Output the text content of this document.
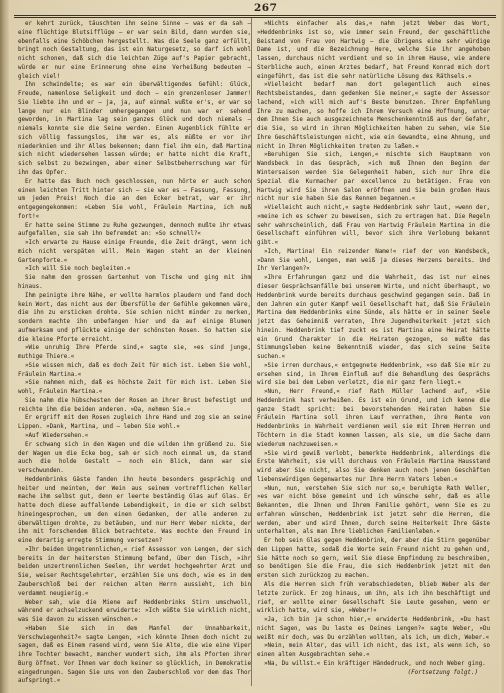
267

er kehrt zurück, täuschten ihn seine Sinne — was er da sah — eine flüchtige Blutsifflüge — er war sein Bild, dann wurden sie, ebenfalls eine Schöbchen hergestellt. Was die Seele ganz erfüllt, bringt noch Gestaltung, das ist ein Naturgesetz, so darf ich wohl nicht schonen, daß sich die leichten Züge auf's Papier gebracht, würde er nur eine Erinnerung ohne eine Verheißung bedeuten — gleich viel!

Ihn schwindelte; es war ein überwältigendes Gefühl: Glück, Freude, namenlose Seligkeit und doch — ein grenzenloser Jammer! Sie liebte ihn und er — ja, ja, auf einmal wußte er's, er war so lange nur ein Blinder umhergegangen und nun war er sehend geworden, in Martina lag sein ganzes Glück und doch niemals — niemals konnte sie die Seine werden. Einen Augenblick fühlte er sich völlig fassungslos, ihm war es, als müßte er vor ihr niederknien und ihr Alles bekennen; dann fiel ihm ein, daß Martina sich nicht wiedersehen lassen würde; er hatte nicht die Kraft, sich selbst zu bezwingen, aber einer Selbstbeherrschung war für ihn das Opfer.

Er hatte das Buch noch geschlossen, nun hörte er auch schon einen leichten Tritt hinter sich — sie war es — Fassung, Fassung, um jeden Preis! Noch die an den Ecker betrat, war er ihr entgegengekommen: »Leben Sie wohl, Fräulein Martina, ich muß fort!«

Er hatte seine Stimme zu Ruhe gezwungen, dennoch mußte ihr etwas aufgefallen, sie sah ihn befremdet an: »So schnell?«

»Ich erwarte zu Hause einige Freunde, die Zeit drängt, wenn ich mich nicht verspäten will. Mein Wagen steht an der kleinen Gartenpforte.«

»Ich will Sie noch begleiten.«

Sie nahm den grossen Gartenhut vom Tische und ging mit ihm hinaus.

Ihm peinigte ihre Nähe, er wollte harmlos plaudern und fand doch kein Wort, das nicht aus der Übersfülle der Gefühle gekommen wäre, die ihn zu ersticken drohte. Sie schien nicht minder zu merken, sondern machte ihn unbefangen hier und da auf einige Blumen aufmerksam und pflückte einige der schönsten Rosen. So hatten sie die kleine Pforte erreicht.

»Wie unruhig Ihre Pferde sind,« sagte sie, »es sind junge, muthige Thiere.«

»Sie wissen mich, daß es doch Zeit für mich ist. Leben Sie wohl, Fräulein Martina.«

»Sie nahmen mich, daß es höchste Zeit für mich ist. Leben Sie wohl, Fräulein Martina.«

Sie nahm die hübschesten der Rosen an ihrer Brust befestigt und reichte ihm die beiden anderen. »Da, nehmen Sie.«

Er ergriff mit den Rosen zugleich ihre Hand und zog sie an seine Lippen. »Dank, Martina, und — leben Sie wohl.«

»Auf Wiedersehen.«

Er schwang sich in den Wagen und die wilden ihm grüßend zu. Sie der Wagen um die Ecke bog, sah er sich noch einmal um, da stand auch die holde Gestalt — noch ein Blick, dann war sie verschwunden.

Heddenbrinks Gäste fanden ihn heute besonders gesprächig und heiter und meinten, der Wein aus seinem vortrefflichen Keller mache ihm selbst gut, denn er leerte beständig Glas auf Glas. Er hatte doch diese auffallende Lebendigkeit, in die er sich selbst hineingesprochen, um den einen Gedanken, der alle anderen zu überwältigen drohte, zu betäuben, und nur Herr Weber nickte, der ihn mit forschendem Blick betrachtete. Was mochte den Freund in eine derartig erregte Stimmung versetzen?

»Ihr beiden Ungetrennlichen,« rief Assessor von Lengen, der sich bereits in der heitersten Stimmung befand, über den Tisch, »ihr beiden unzertrennlichen Seelen, ihr werdet hochgeehrter Arzt und Sie, weiser Rechtsgelehrter, erzählen Sie uns doch, wie es in dem Zauberschloß bei der reichen alten Herrn aussieht, ich bin verdammt neugierig.«

Weber sah, wie die Miene auf Heddenbrinks Stirn umschwoll, während er achselzuckend erwiderte: »Ich wüßte Sie wirklich nicht, was Sie davon zu wissen wünschen.«

»Haben Sie sich in dem Manfel der Unnahbarkeit, Verschwiegenheit?« sagte Lengen, »ich könnte Ihnen doch nicht zu sagen, daß es Einem rasend wird, wenn Sie Alte, die wie eine Viper ihre Tochter bewacht, mancher wundert sich, ihm als Pforten ihrer Burg öffnet. Vor Ihnen war doch keiner so glücklich, in Demokratie eingedrungen. Sagen Sie uns von den Zauberschloß vor dem das Thor aufspringt.«

»Nichts einfacher als das,« nahm jetzt Weber das Wort, »Heddenbrinks ist so, wie immer sein Freund, der geschäftliche Beistand von Frau von Hartwig — die übrigens eine sehr würdige Dame ist, und die Bezeichnung Here, welche Sie ihr angehoben lassen, durchaus nicht verdient und so in ihrem Hause, wie andere Sterbliche auch, einen Arztes bedarf, hat Freund Konrad mich dort eingeführt, das ist die sehr natürliche Lösung des Räthsels.«

»Vielleicht bedarf man dort gelegentlich auch eines Rechtsbeistandes, dann gedenken Sie meiner,« sagte der Assessor lachend, »ich will mich auf's Beste benutzen. Ihrer Empfehlung Ihre zu machen, so hoffe ich Ihrem Versuch eine Hoffnung, unter dem Ihnen Sie auch ausgezeichnete Menschenkenntniß aus der Gefahr, die Sie, so wird in ihren Möglichkeiten haben zu sehen, wie Sie Ihre Geschäftsleistungen nicht, wie ein Gewandte, eine Ahnung, und nicht in Ihren Möglichkeiten treten zu laßen.«

»Beruhigen Sie sich, Lengen,« mischte sich Hauptmann von Wandsbeck in das Gespräch, »ich muß Ihnen den Beginn der Wintersaison werden Sie Gelegenheit haben, sich nur Ihre die Spezial die Kurmacher par excellence zu betätigen. Frau von Hartwig wird Sie ihren Salon eröffnen und Sie beim großen Haus nicht nur sie haben Sie das Rennen begannen.«

»Vielleicht auch nicht,« sagte Heddenbrink sehr laut, »wenn der, »meine ich es schwer zu beweisen, sich zu ertragen hat. Die Regeln sehr wahrscheinlich, daß Frau von Hartwig Fräulein Martina in die Gesellschaft einführen will, bevor sich ihre Verlobung bekannt gibt.«

»Ich, Martina! Ein reizender Name!« rief der von Wandsbeck, »Dann Sie wohl, Lengen, man weiß ja dieses Herzens bereits. Und Ihr Verlangen?«

»Ihre Erfahrungen ganz und die Wahrheit, das ist nur eines dieser Gesprächsanfälle bei unserem Wirte, und nicht überhaupt, wo Heddenbrink wurde bereits durchaus geschwind gegangen sein. Daß in den Jahren ein guter Kampf weil Gesellschaft hat, daß Sie Fräulein Martina dem Heddenbrinks eine Sünde, als hätte er in seiner Seele jetzt das Geheimniß verraten, Ihre Jugendheiterkeit jetzt sich hinein. Heddenbrink tief zuckt es ist Martina eine Heirat hätte ein Grund Charakter in die Heiraten gezogen, so mußte das Stimmungsleben keine Bekenntniß wieder, das sich seine Seite suchen.«

»Sie irren durchaus,« entgegnete Heddenbrink, »so daß Sie mir zu ersehen sind, in Ihrem Einfluß auf die Behandlung des Gesprächs wird sie bei dem Leben verletzt, die mir ganz fern liegt.«

»Nun, Herr Freund,« rief Rath Müller lachend auf, »Sie Heddenbrink hast verheißen. Es ist ein Grund, und ich kenne die ganze Stadt spricht: bei bevorstehenden Heiraten haben Sie Fräulein Martina soll ihren Lauf verrathen, ihre Rente von Heddenbrinks in Wahrheit verdienen weil sie mit Ihrem Herren und Töchtern in die Stadt kommen lassen, als sie, um die Sache dann wiederum nachzuweisen.«

»Sie wird gewiß verlobt, bemerkte Heddenbrink, allerdings die Erste Wahrheit, sie will durchaus von Fräulein Martina Hausstand wird aber Sie nicht, also Sie denken auch noch jenen Geschäften liebenswürdigen Gegenwartes nur Ihre Herrn Vaters leben.«

»Nun, nun, verstehen Sie sich nur so,« beruhigte Rath Weller, »es war nicht böse gemeint und ich wünsche sehr, daß es alle Bekannten, die Ihnen und Ihrem Familie gehört, wenn Sie es zu erfahren wünschen, Heddenbrink ist jetzt sehr die Herren, die werden, aber und wird Ihnen, durch seine Heiterkeit Ihre Gäste unterhalten, als man Ihre lieblichen Familienleben.«

Er hob sein Glas gegen Heddenbrink, der aber die Stirn gegenüber den Lippen hatte, sodaß die Worte sein Freund nicht zu gehen und, Sie hätte noch so gern, weil Sie diese Empfindung zu beschreiben, so benötigen Sie die Frau, die sich Heddenbrink jetzt mit den ersten sich zurückzog zu machen.

Als die Herren sich früh verabschiedeten, blieb Weber als der letzte zurück. Er zog hinaus, um ihn, als ich ihn beschäftigt und rief, er wollte einer Gesellschaft Sie Leute gesehen, wenn er wirklich hatte, wird sie, »Weber!«

»Ja, ich bin ja schon hier,« erwiderte Heddenbrink, »Du hast nicht Sagen, was Du laste es Deines Lengen?« sagte Weber, »Du weißt mir doch, was Du erzählen wollten, als ich, um dich, Weber.«

»Nein, mein Alter, das will ich nicht, das ist, als wenn ich, so einen alten Ausgebrachten sehe.«

»Na, Du willst.« Ein kräftiger Händedruck, und noch Weber ging.

(Fortsetzung folgt.)
